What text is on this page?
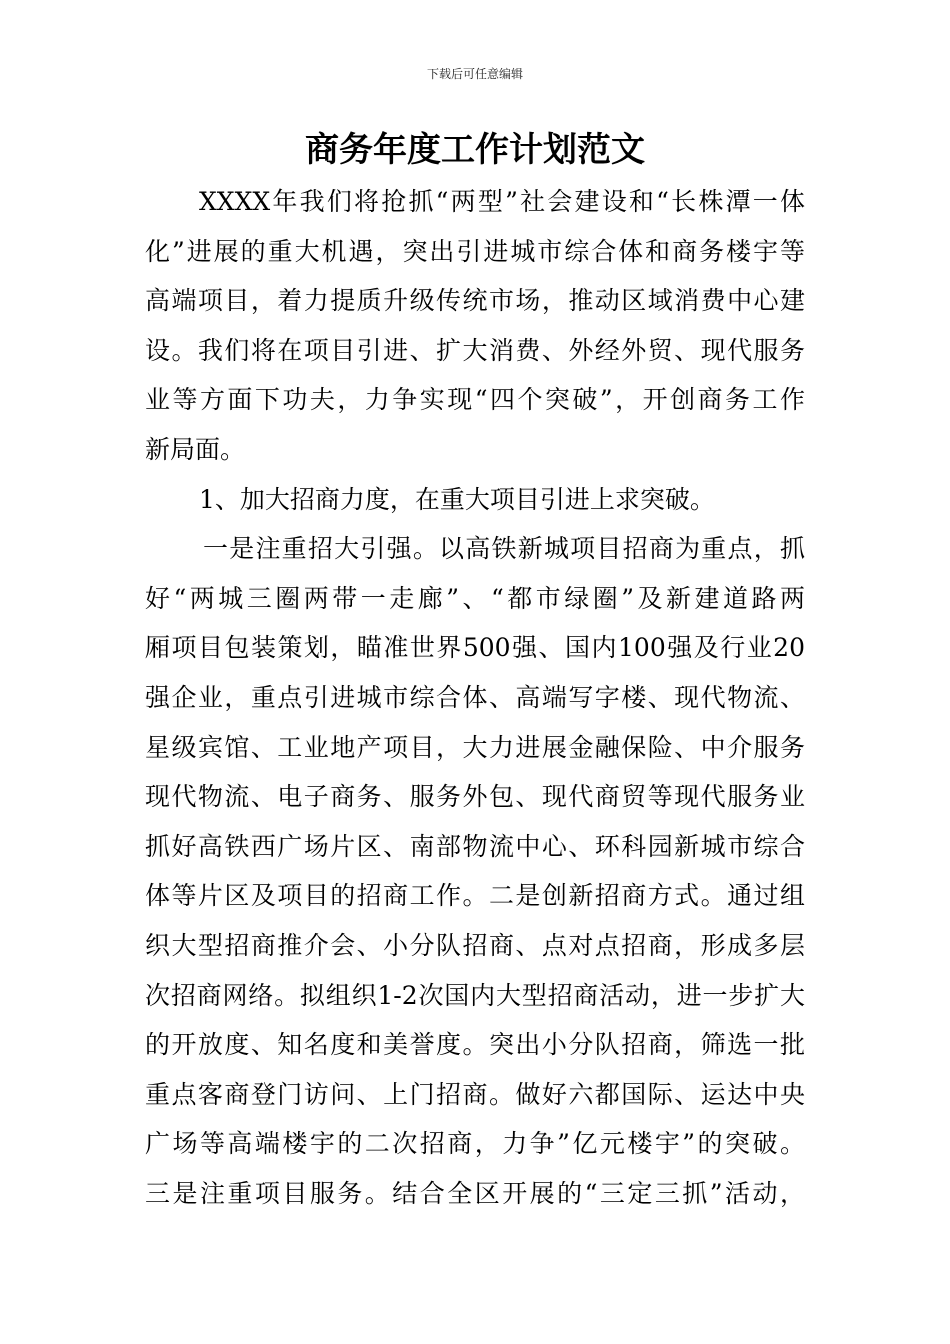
下载后可任意编辑
商务年度工作计划范文
XXXX年我们将抢抓“两型”社会建设和“长株潭一体
化”进展的重大机遇，突出引进城市综合体和商务楼宇等
高端项目，着力提质升级传统市场，推动区域消费中心建
设。我们将在项目引进、扩大消费、外经外贸、现代服务
业等方面下功夫，力争实现“四个突破”，开创商务工作
新局面。
1、加大招商力度，在重大项目引进上求突破。
一是注重招大引强。以高铁新城项目招商为重点，抓
好“两城三圈两带一走廊”、“都市绿圈”及新建道路两
厢项目包装策划，瞄准世界500强、国内100强及行业20
强企业，重点引进城市综合体、高端写字楼、现代物流、
星级宾馆、工业地产项目，大力进展金融保险、中介服务
现代物流、电子商务、服务外包、现代商贸等现代服务业
抓好高铁西广场片区、南部物流中心、环科园新城市综合
体等片区及项目的招商工作。二是创新招商方式。通过组
织大型招商推介会、小分队招商、点对点招商，形成多层
次招商网络。拟组织1-2次国内大型招商活动，进一步扩大
的开放度、知名度和美誉度。突出小分队招商，筛选一批
重点客商登门访问、上门招商。做好六都国际、运达中央
广场等高端楼宇的二次招商，力争”亿元楼宇”的突破。
三是注重项目服务。结合全区开展的“三定三抓”活动，
